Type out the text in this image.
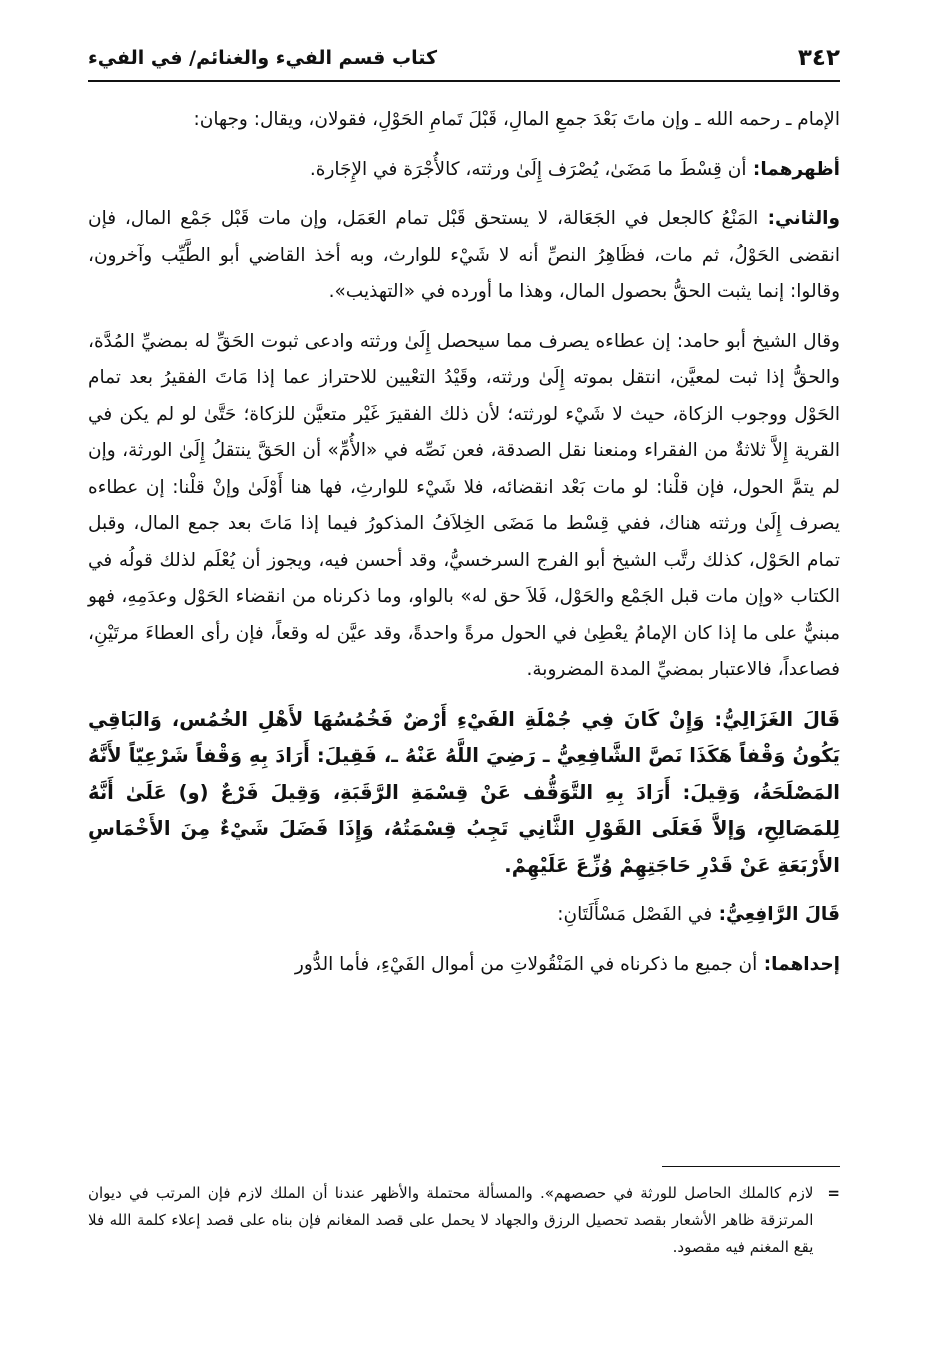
٣٤٢
كتاب قسم الفيء والغنائم/ في الفيء

الإمام ـ رحمه الله ـ وإن ماتَ بَعْدَ جمعِ المالِ، قَبْلَ تَمامِ الحَوْلِ، فقولان، ويقال: وجهان:

أظهرهما: أن قِسْطَ ما مَضَىٰ، يُصْرَف إِلَىٰ ورثته، كالأُجْرَة في الإِجَارة.

والثاني: المَنْعُ كالجعل في الجَعَالة، لا يستحق قَبْل تمام العَمَل، وإن مات قَبْل جَمْع المال، فإن انقضى الحَوْلُ، ثم مات، فظَاهِرُ النصِّ أنه لا شَيْء للوارث، وبه أخذ القاضي أبو الطَّيِّب وآخرون، وقالوا: إنما يثبت الحقُّ بحصول المال، وهذا ما أورده في «التهذيب».

وقال الشيخ أبو حامد: إن عطاءه يصرف مما سيحصل إِلَىٰ ورثته وادعى ثبوت الحَقِّ له بمضيِّ المُدَّة، والحقُّ إذا ثبت لمعيَّن، انتقل بموته إِلَىٰ ورثته، وقَيْدُ التعْيين للاحتراز عما إذا مَاتَ الفقيرُ بعد تمام الحَوْل ووجوب الزكاة، حيث لا شَيْء لورثته؛ لأن ذلك الفقيرَ غَيْر متعيَّن للزكاة؛ حَتَّىٰ لو لم يكن في القرية إِلاَّ ثلاثةٌ من الفقراء ومنعنا نقل الصدقة، فعن نَصِّه في «الأُمِّ» أن الحَقَّ ينتقلُ إِلَىٰ الورثة، وإن لم يتمَّ الحول، فإن قلْنا: لو مات بَعْد انقضائه، فلا شَيْء للوارثِ، فها هنا أَوْلَىٰ وإنْ قلْنا: إن عطاءه يصرف إِلَىٰ ورثته هناك، ففي قِسْط ما مَضَى الخِلاَفُ المذكورُ فيما إذا مَاتَ بعد جمع المال، وقبل تمام الحَوْل، كذلك رتَّب الشيخ أبو الفرج السرخسيُّ، وقد أحسن فيه، ويجوز أن يُعْلَم لذلك قولُه في الكتاب «وإن مات قبل الجَمْع والحَوْل، فَلاَ حق له» بالواو، وما ذكرناه من انقضاء الحَوْل وعدَمِهِ، فهو مبنيٌّ على ما إذا كان الإمامُ يعْطِىٰ في الحول مرةً واحدةً، وقد عيَّن له وقعاً، فإن رأى العطاءَ مرتَيْنِ، فصاعداً، فالاعتبار بمضيِّ المدة المضروبة.

قَالَ الغَزَالِيُّ: وَإِنْ كَانَ فِي جُمْلَةِ الفَيْءِ أَرْضٌ فَخُمُسُهَا لأَهْلِ الخُمُس، وَالبَاقِي يَكُونُ وَقْفاً هَكَذَا نَصَّ الشَّافِعِيُّ ـ رَضِيَ اللَّهُ عَنْهُ ـ، فَقِيلَ: أَرَادَ بِهِ وَقْفاً شَرْعِيّاً لأَنَّهُ المَصْلَحَةُ، وَقِيلَ: أَرَادَ بِهِ التَّوَقُّف عَنْ قِسْمَةِ الرَّقَبَةِ، وَقِيلَ فَرْعٌ (و) عَلَىٰ أَنَّهُ لِلمَصَالِحِ، وَإلاَّ فَعَلَى القَوْلِ الثَّانِي تَجِبُ قِسْمَتُهُ، وَإِذَا فَضَلَ شَيْءٌ مِنَ الأَخْمَاسِ الأَرْبَعَةِ عَنْ قَدْرِ حَاجَتِهِمْ وُزِّعَ عَلَيْهِمْ.

قَالَ الرَّافِعِيُّ: في الفَصْل مَسْأَلَتَانِ:

إحداهما: أن جميع ما ذكرناه في المَنْقُولاتِ من أموال الفَيْءِ، فأما الدُّور

=
لازم كالملك الحاصل للورثة في حصصهم». والمسألة محتملة والأظهر عندنا أن الملك لازم فإن المرتب في ديوان المرتزقة ظاهر الأشعار بقصد تحصيل الرزق والجهاد لا يحمل على قصد المغانم فإن بناه على قصد إعلاء كلمة الله فلا يقع المغنم فيه مقصود.
